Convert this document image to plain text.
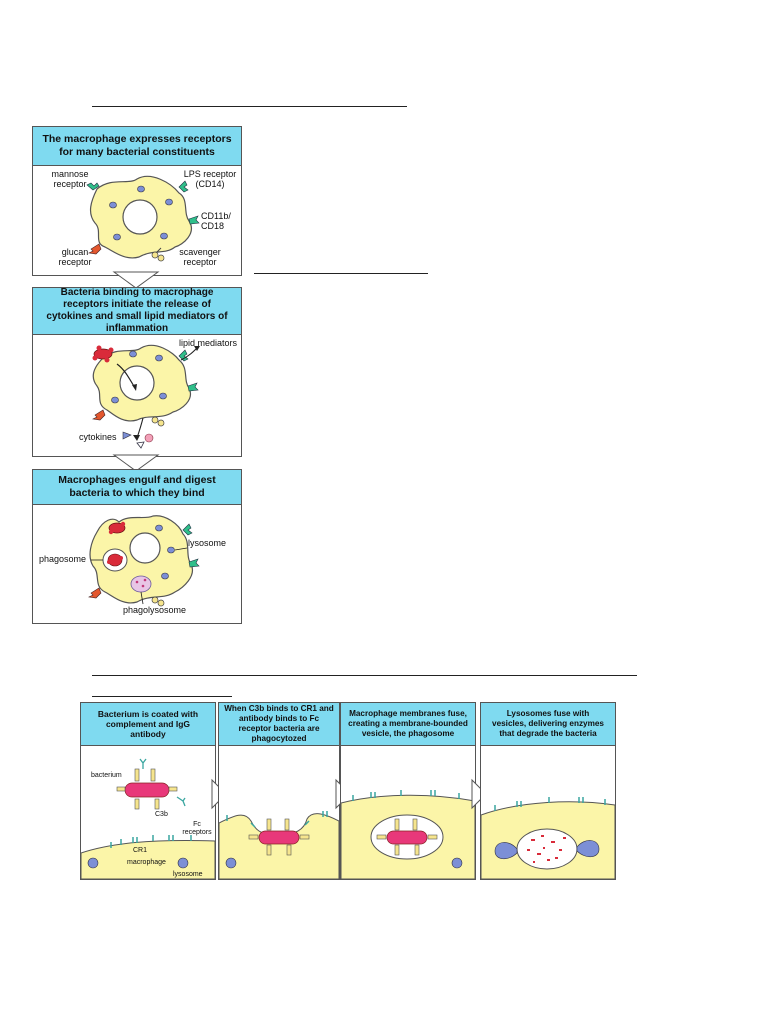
The macrophage expresses receptors for many bacterial constituents
mannose receptor
LPS receptor (CD14)
CD11b/ CD18
glucan receptor
scavenger receptor
Bacteria binding to macrophage receptors initiate the release of cytokines and small lipid mediators of inflammation
lipid mediators
cytokines
Macrophages engulf and digest bacteria to which they bind
lysosome
phagosome
phagolysosome
Bacterium is coated with complement and IgG antibody
bacterium
C3b
Fc receptors
CR1
macrophage
lysosome
When C3b binds to CR1 and antibody binds to Fc receptor bacteria are phagocytozed
Macrophage membranes fuse, creating a membrane-bounded vesicle, the phagosome
Lysosomes fuse with vesicles, delivering enzymes that degrade the bacteria
